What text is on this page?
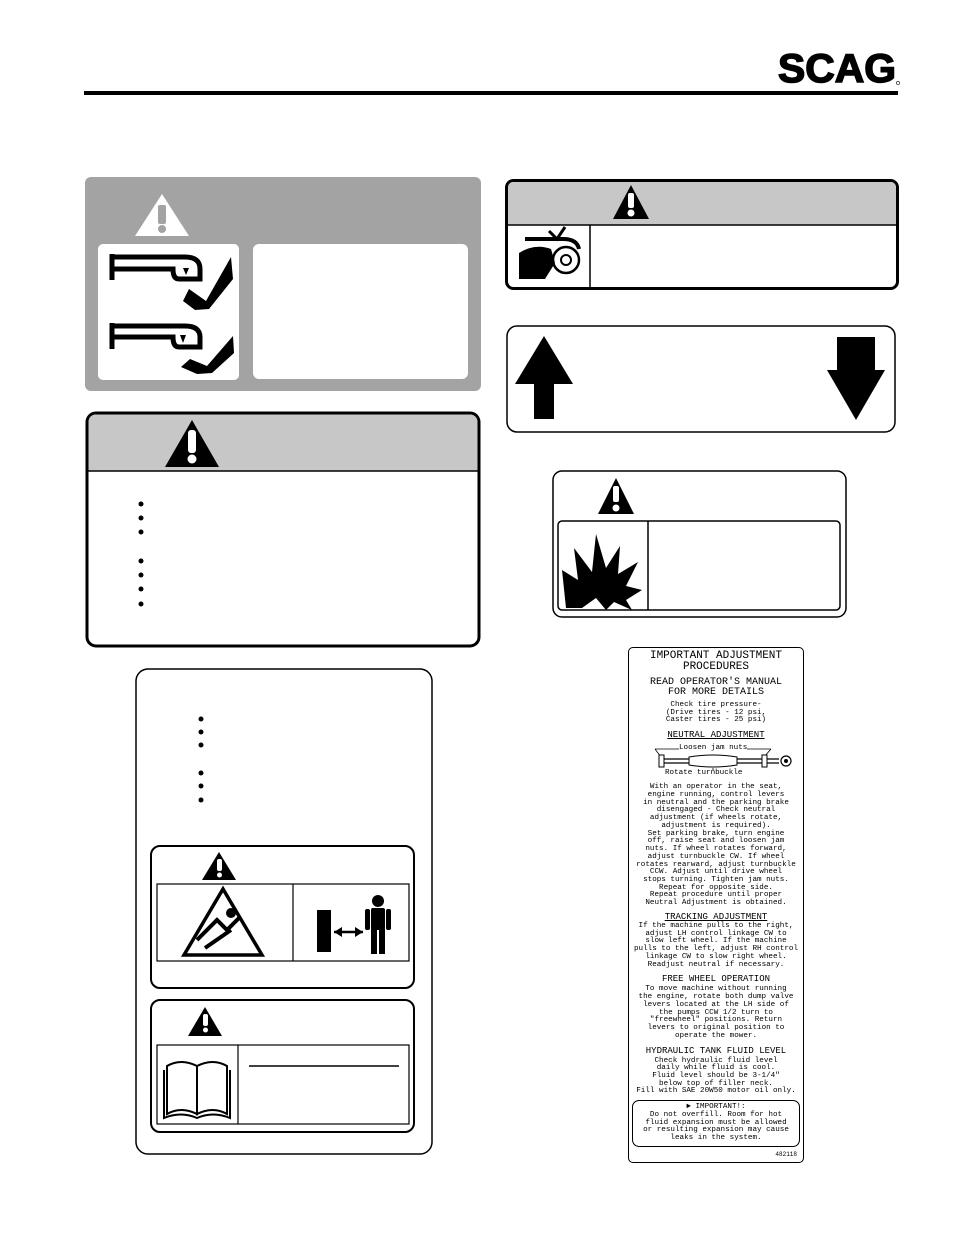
SCAG
IMPORTANT ADJUSTMENT
PROCEDURES
READ OPERATOR'S MANUAL
FOR MORE DETAILS
Check tire pressure-
(Drive tires - 12 psi,
Caster tires - 25 psi)
NEUTRAL ADJUSTMENT
Loosen jam nuts
Rotate turnbuckle
With an operator in the seat,
engine running, control levers
in neutral and the parking brake
disengaged - Check neutral
adjustment (if wheels rotate,
adjustment is required).
Set parking brake, turn engine
off, raise seat and loosen jam
nuts. If wheel rotates forward,
adjust turnbuckle CW. If wheel
rotates rearward, adjust turnbuckle
CCW. Adjust until drive wheel
stops turning. Tighten jam nuts.
Repeat for opposite side.
Repeat procedure until proper
Neutral Adjustment is obtained.
TRACKING ADJUSTMENT
If the machine pulls to the right,
adjust LH control linkage CW to
slow left wheel. If the machine
pulls to the left, adjust RH control
linkage CW to slow right wheel.
Readjust neutral if necessary.
FREE WHEEL OPERATION
To move machine without running
the engine, rotate both dump valve
levers located at the LH side of
the pumps CCW 1/2 turn to
"freewheel" positions. Return
levers to original position to
operate the mower.
HYDRAULIC TANK FLUID LEVEL
Check hydraulic fluid level
daily while fluid is cool.
Fluid level should be 3-1/4"
below top of filler neck.
Fill with SAE 20W50 motor oil only.
► IMPORTANT!:
Do not overfill. Room for hot
fluid expansion must be allowed
or resulting expansion may cause
leaks in the system.
482118
